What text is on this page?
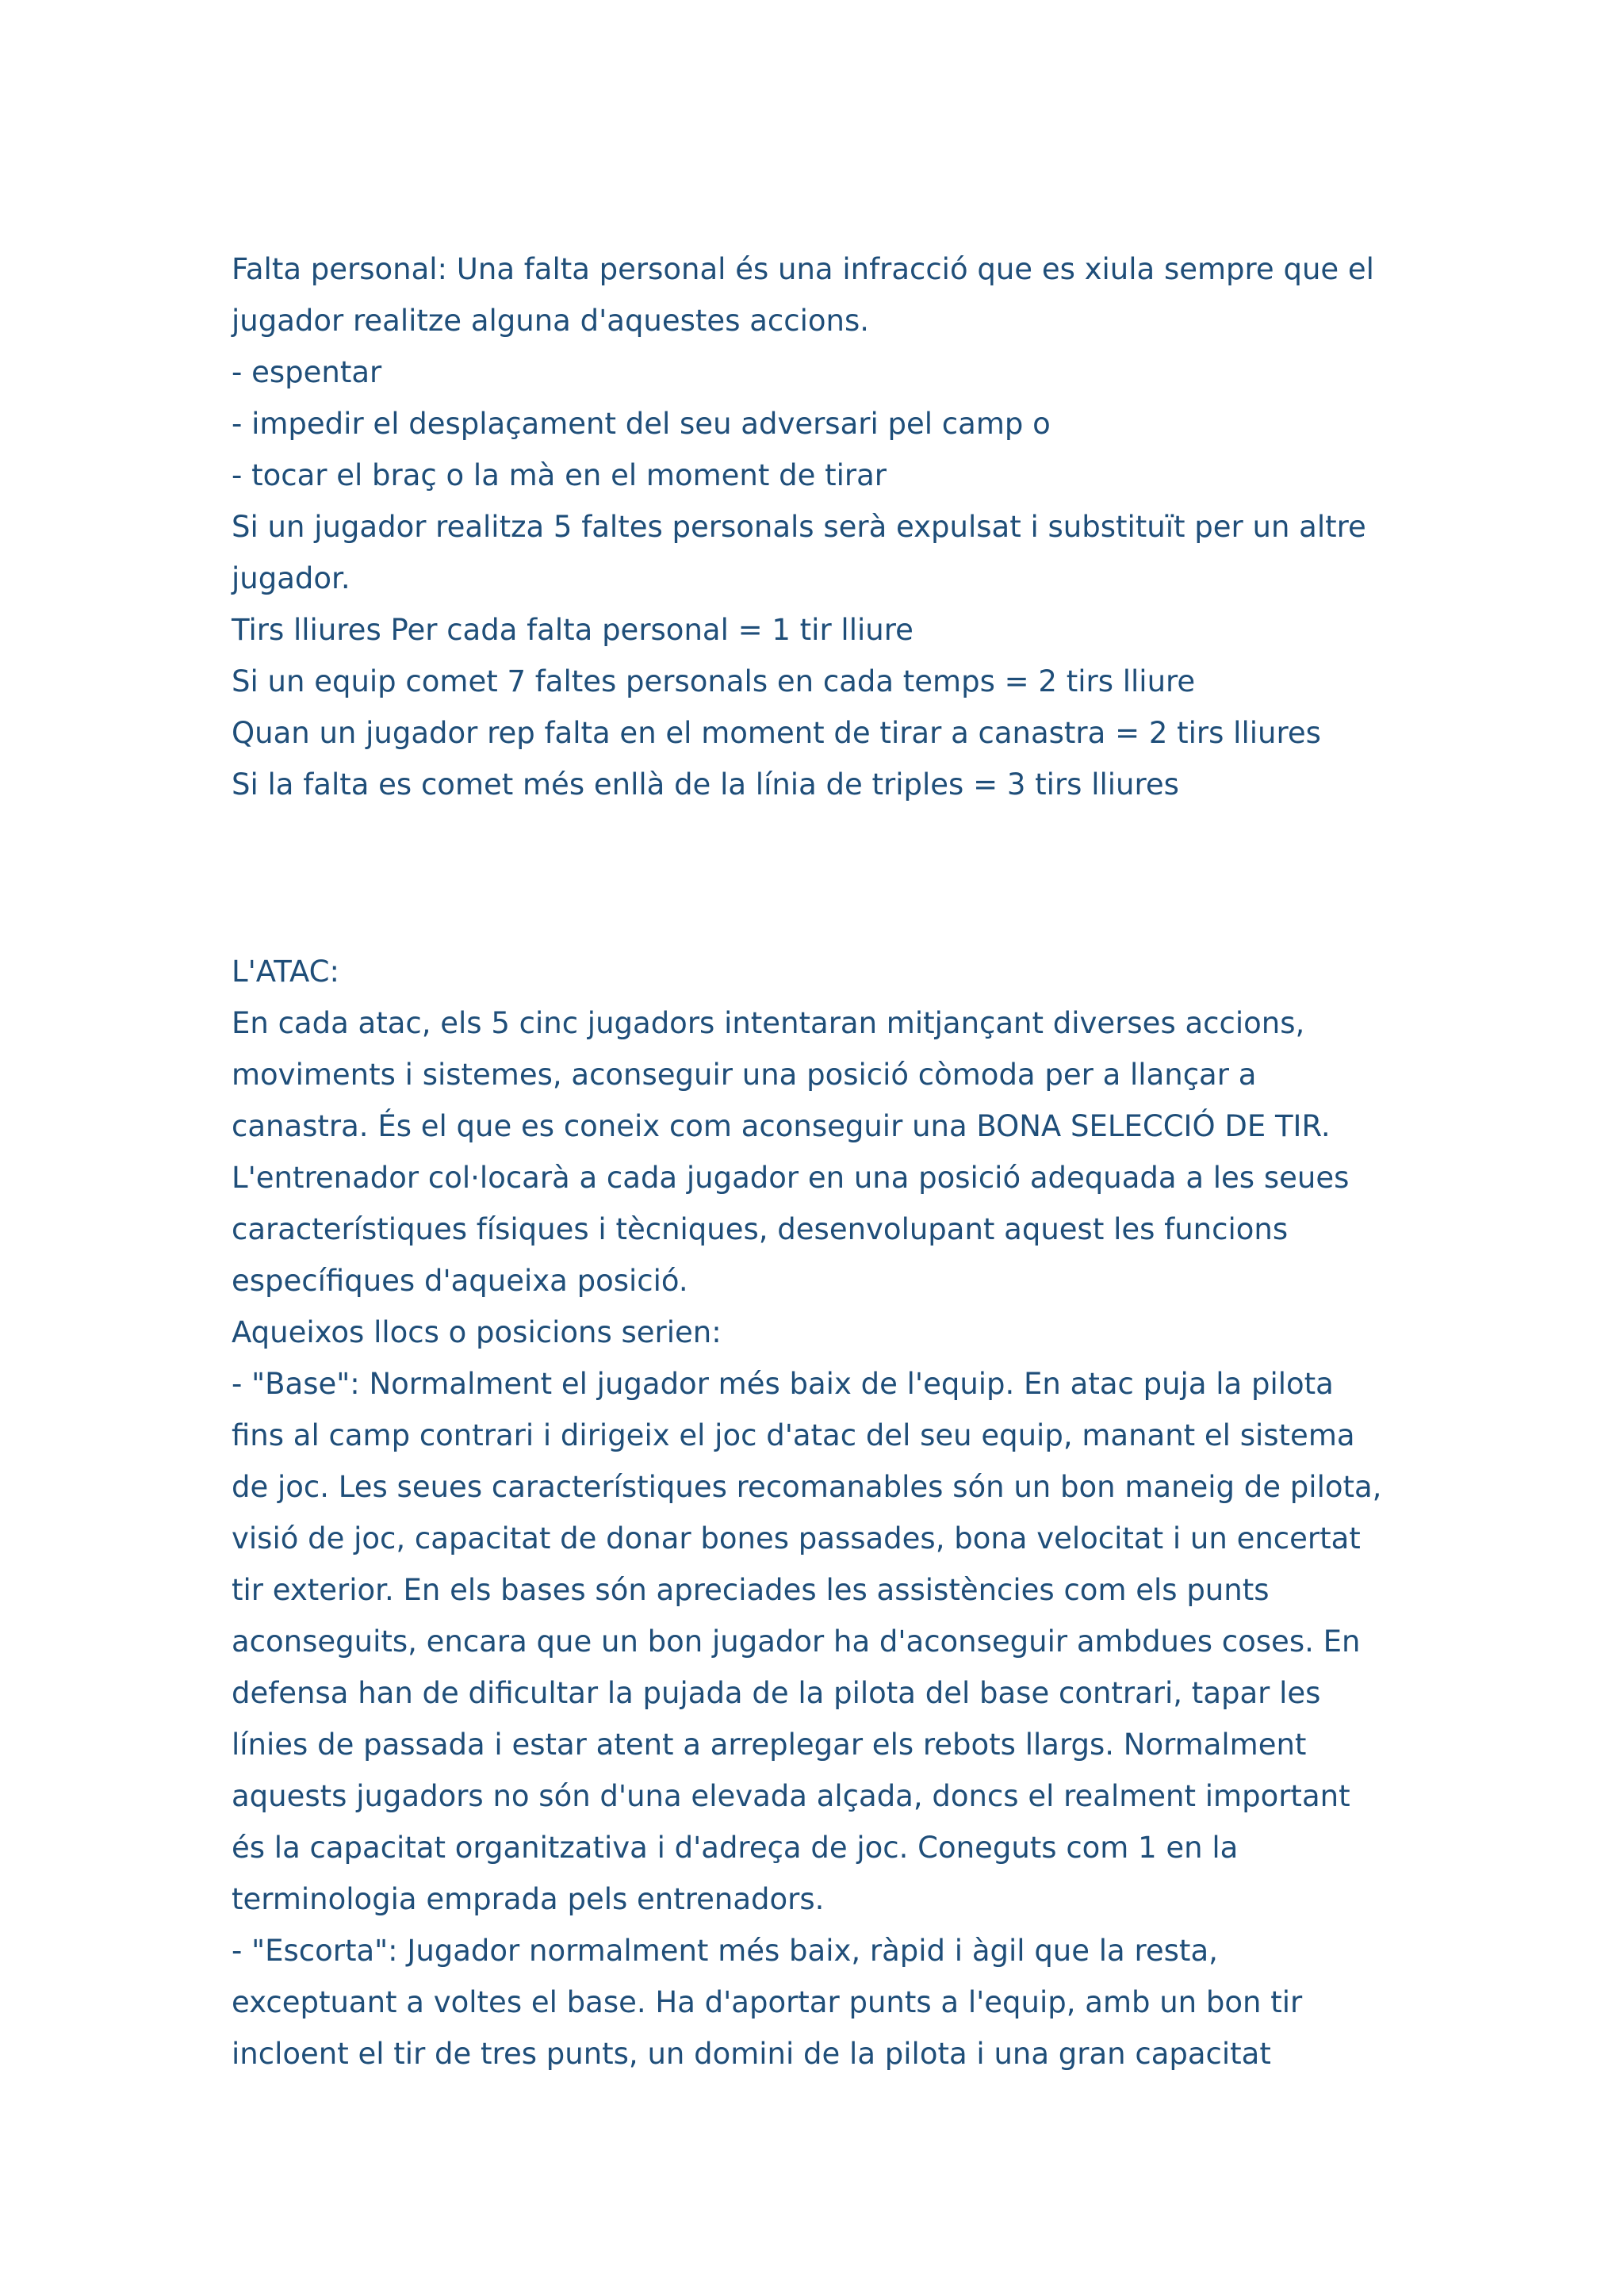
Falta personal: Una falta personal és una infracció que es xiula sempre que el
jugador realitze alguna d'aquestes accions.
- espentar
- impedir el desplaçament del seu adversari pel camp o
- tocar el braç o la mà en el moment de tirar
Si un jugador realitza 5 faltes personals serà expulsat i substituït per un altre
jugador.
Tirs lliures Per cada falta personal = 1 tir lliure
Si un equip comet 7 faltes personals en cada temps = 2 tirs lliure
Quan un jugador rep falta en el moment de tirar a canastra = 2 tirs lliures
Si la falta es comet més enllà de la línia de triples = 3 tirs lliures
L'ATAC:
En cada atac, els 5 cinc jugadors intentaran mitjançant diverses accions,
moviments i sistemes, aconseguir una posició còmoda per a llançar a
canastra. És el que es coneix com aconseguir una BONA SELECCIÓ DE TIR.
L'entrenador col·locarà a cada jugador en una posició adequada a les seues
característiques físiques i tècniques, desenvolupant aquest les funcions
específiques d'aqueixa posició.
Aqueixos llocs o posicions serien:
- "Base": Normalment el jugador més baix de l'equip. En atac puja la pilota
fins al camp contrari i dirigeix el joc d'atac del seu equip, manant el sistema
de joc. Les seues característiques recomanables són un bon maneig de pilota,
visió de joc, capacitat de donar bones passades, bona velocitat i un encertat
tir exterior. En els bases són apreciades les assistències com els punts
aconseguits, encara que un bon jugador ha d'aconseguir ambdues coses. En
defensa han de dificultar la pujada de la pilota del base contrari, tapar les
línies de passada i estar atent a arreplegar els rebots llargs. Normalment
aquests jugadors no són d'una elevada alçada, doncs el realment important
és la capacitat organitzativa i d'adreça de joc. Coneguts com 1 en la
terminologia emprada pels entrenadors.
- "Escorta": Jugador normalment més baix, ràpid i àgil que la resta,
exceptuant a voltes el base. Ha d'aportar punts a l'equip, amb un bon tir
incloent el tir de tres punts, un domini de la pilota i una gran capacitat
